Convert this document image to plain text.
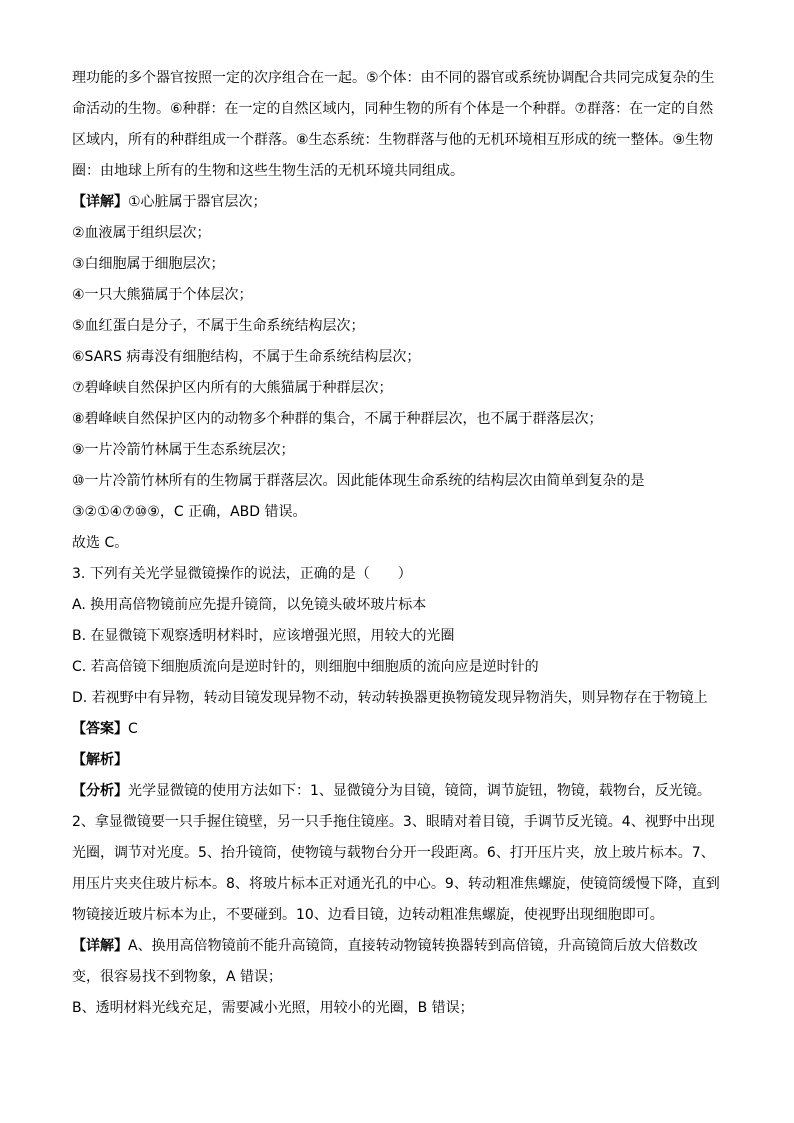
理功能的多个器官按照一定的次序组合在一起。⑤个体：由不同的器官或系统协调配合共同完成复杂的生
命活动的生物。⑥种群：在一定的自然区域内，同种生物的所有个体是一个种群。⑦群落：在一定的自然
区域内，所有的种群组成一个群落。⑧生态系统：生物群落与他的无机环境相互形成的统一整体。⑨生物
圈：由地球上所有的生物和这些生物生活的无机环境共同组成。
【详解】①心脏属于器官层次；
②血液属于组织层次；
③白细胞属于细胞层次；
④一只大熊猫属于个体层次；
⑤血红蛋白是分子，不属于生命系统结构层次；
⑥SARS 病毒没有细胞结构，不属于生命系统结构层次；
⑦碧峰峡自然保护区内所有的大熊猫属于种群层次；
⑧碧峰峡自然保护区内的动物多个种群的集合，不属于种群层次，也不属于群落层次；
⑨一片冷箭竹林属于生态系统层次；
⑩一片冷箭竹林所有的生物属于群落层次。因此能体现生命系统的结构层次由简单到复杂的是
③②①④⑦⑩⑨，C 正确，ABD 错误。
故选 C。
3. 下列有关光学显微镜操作的说法，正确的是（　　）
A. 换用高倍物镜前应先提升镜筒，以免镜头破坏玻片标本
B. 在显微镜下观察透明材料时，应该增强光照，用较大的光圈
C. 若高倍镜下细胞质流向是逆时针的，则细胞中细胞质的流向应是逆时针的
D. 若视野中有异物，转动目镜发现异物不动，转动转换器更换物镜发现异物消失，则异物存在于物镜上
【答案】C
【解析】
【分析】光学显微镜的使用方法如下：1、显微镜分为目镜，镜筒，调节旋钮，物镜，载物台，反光镜。
2、拿显微镜要一只手握住镜壁，另一只手拖住镜座。3、眼睛对着目镜，手调节反光镜。4、视野中出现
光圈，调节对光度。5、抬升镜筒，使物镜与载物台分开一段距离。6、打开压片夹，放上玻片标本。7、
用压片夹夹住玻片标本。8、将玻片标本正对通光孔的中心。9、转动粗准焦螺旋，使镜筒缓慢下降，直到
物镜接近玻片标本为止，不要碰到。10、边看目镜，边转动粗准焦螺旋，使视野出现细胞即可。
【详解】A、换用高倍物镜前不能升高镜筒，直接转动物镜转换器转到高倍镜，升高镜筒后放大倍数改
变，很容易找不到物象，A 错误；
B、透明材料光线充足，需要减小光照，用较小的光圈，B 错误；
